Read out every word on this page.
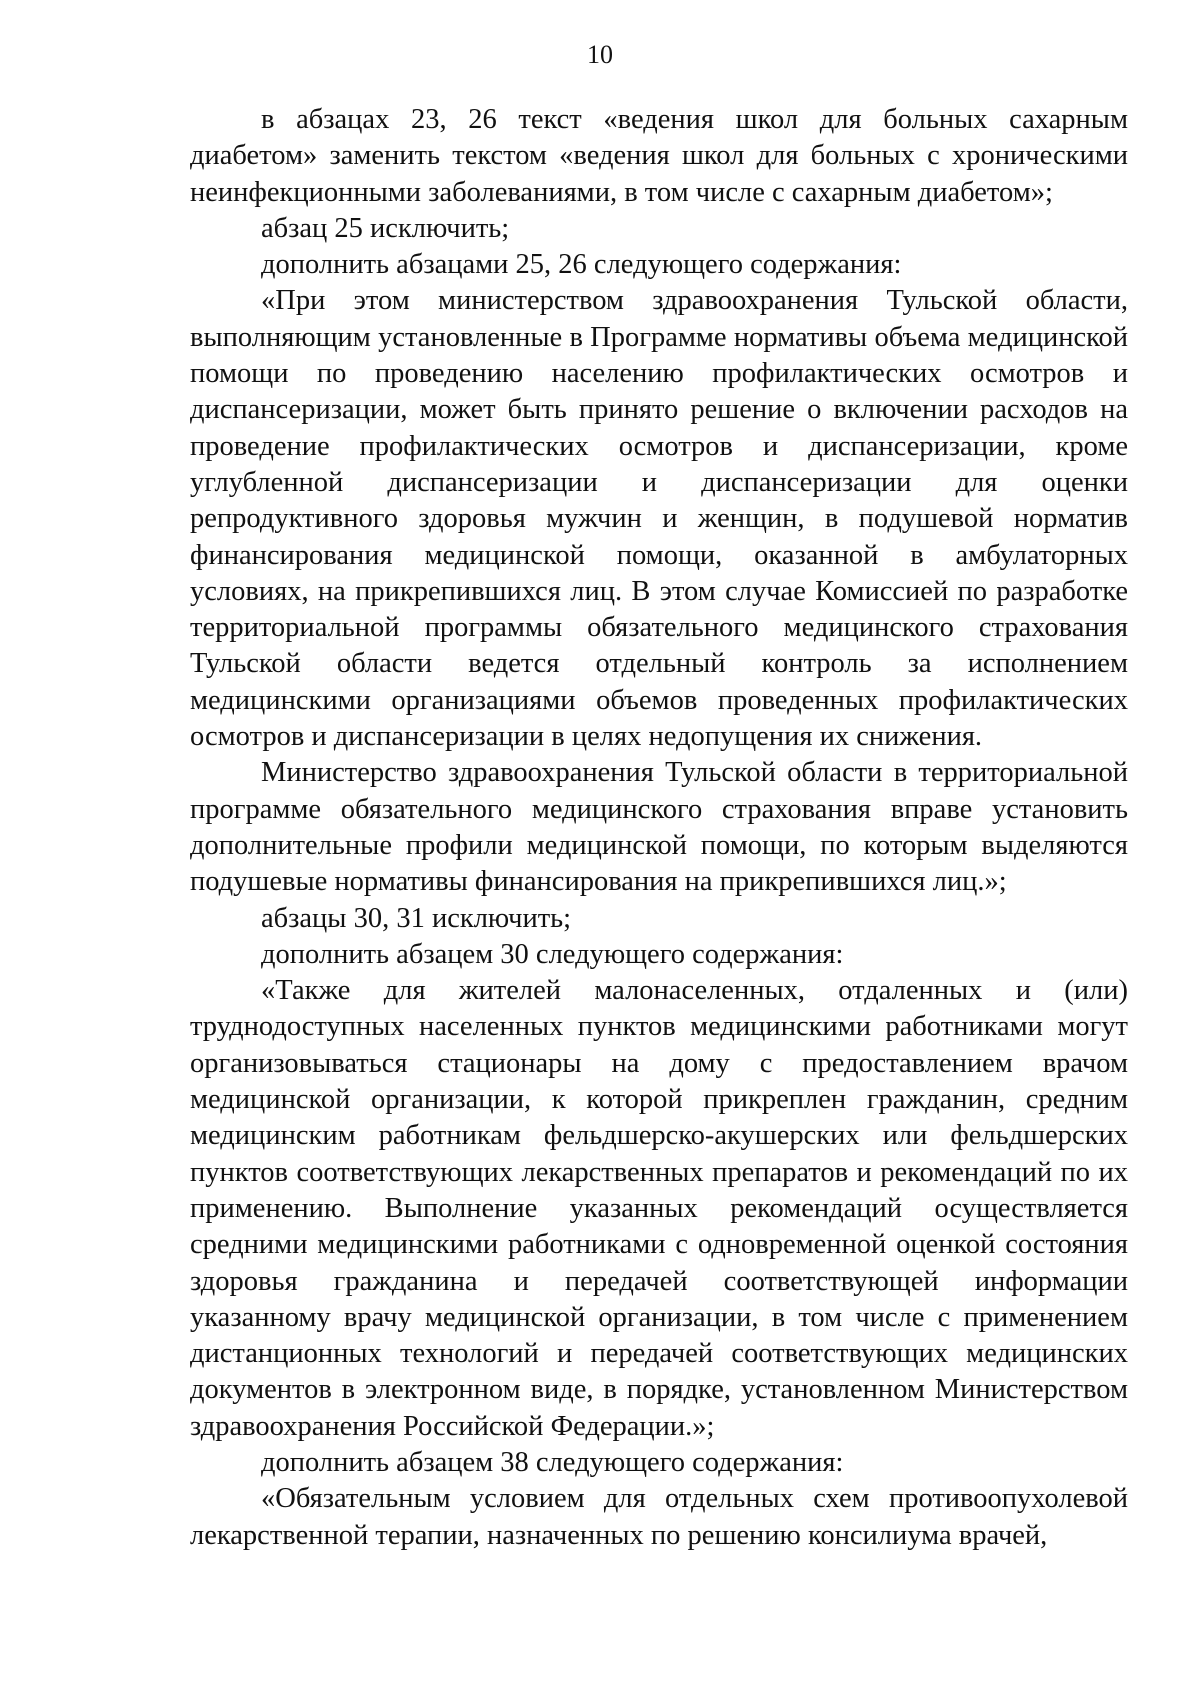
10

в абзацах 23, 26 текст «ведения школ для больных сахарным диабетом» заменить текстом «ведения школ для больных с хроническими неинфекционными заболеваниями, в том числе с сахарным диабетом»;

абзац 25 исключить;

дополнить абзацами 25, 26 следующего содержания:

«При этом министерством здравоохранения Тульской области, выполняющим установленные в Программе нормативы объема медицинской помощи по проведению населению профилактических осмотров и диспансеризации, может быть принято решение о включении расходов на проведение профилактических осмотров и диспансеризации, кроме углубленной диспансеризации и диспансеризации для оценки репродуктивного здоровья мужчин и женщин, в подушевой норматив финансирования медицинской помощи, оказанной в амбулаторных условиях, на прикрепившихся лиц. В этом случае Комиссией по разработке территориальной программы обязательного медицинского страхования Тульской области ведется отдельный контроль за исполнением медицинскими организациями объемов проведенных профилактических осмотров и диспансеризации в целях недопущения их снижения.

Министерство здравоохранения Тульской области в территориальной программе обязательного медицинского страхования вправе установить дополнительные профили медицинской помощи, по которым выделяются подушевые нормативы финансирования на прикрепившихся лиц.»;

абзацы 30, 31 исключить;

дополнить абзацем 30 следующего содержания:

«Также для жителей малонаселенных, отдаленных и (или) труднодоступных населенных пунктов медицинскими работниками могут организовываться стационары на дому с предоставлением врачом медицинской организации, к которой прикреплен гражданин, средним медицинским работникам фельдшерско-акушерских или фельдшерских пунктов соответствующих лекарственных препаратов и рекомендаций по их применению. Выполнение указанных рекомендаций осуществляется средними медицинскими работниками с одновременной оценкой состояния здоровья гражданина и передачей соответствующей информации указанному врачу медицинской организации, в том числе с применением дистанционных технологий и передачей соответствующих медицинских документов в электронном виде, в порядке, установленном Министерством здравоохранения Российской Федерации.»;

дополнить абзацем 38 следующего содержания:

«Обязательным условием для отдельных схем противоопухолевой лекарственной терапии, назначенных по решению консилиума врачей,
